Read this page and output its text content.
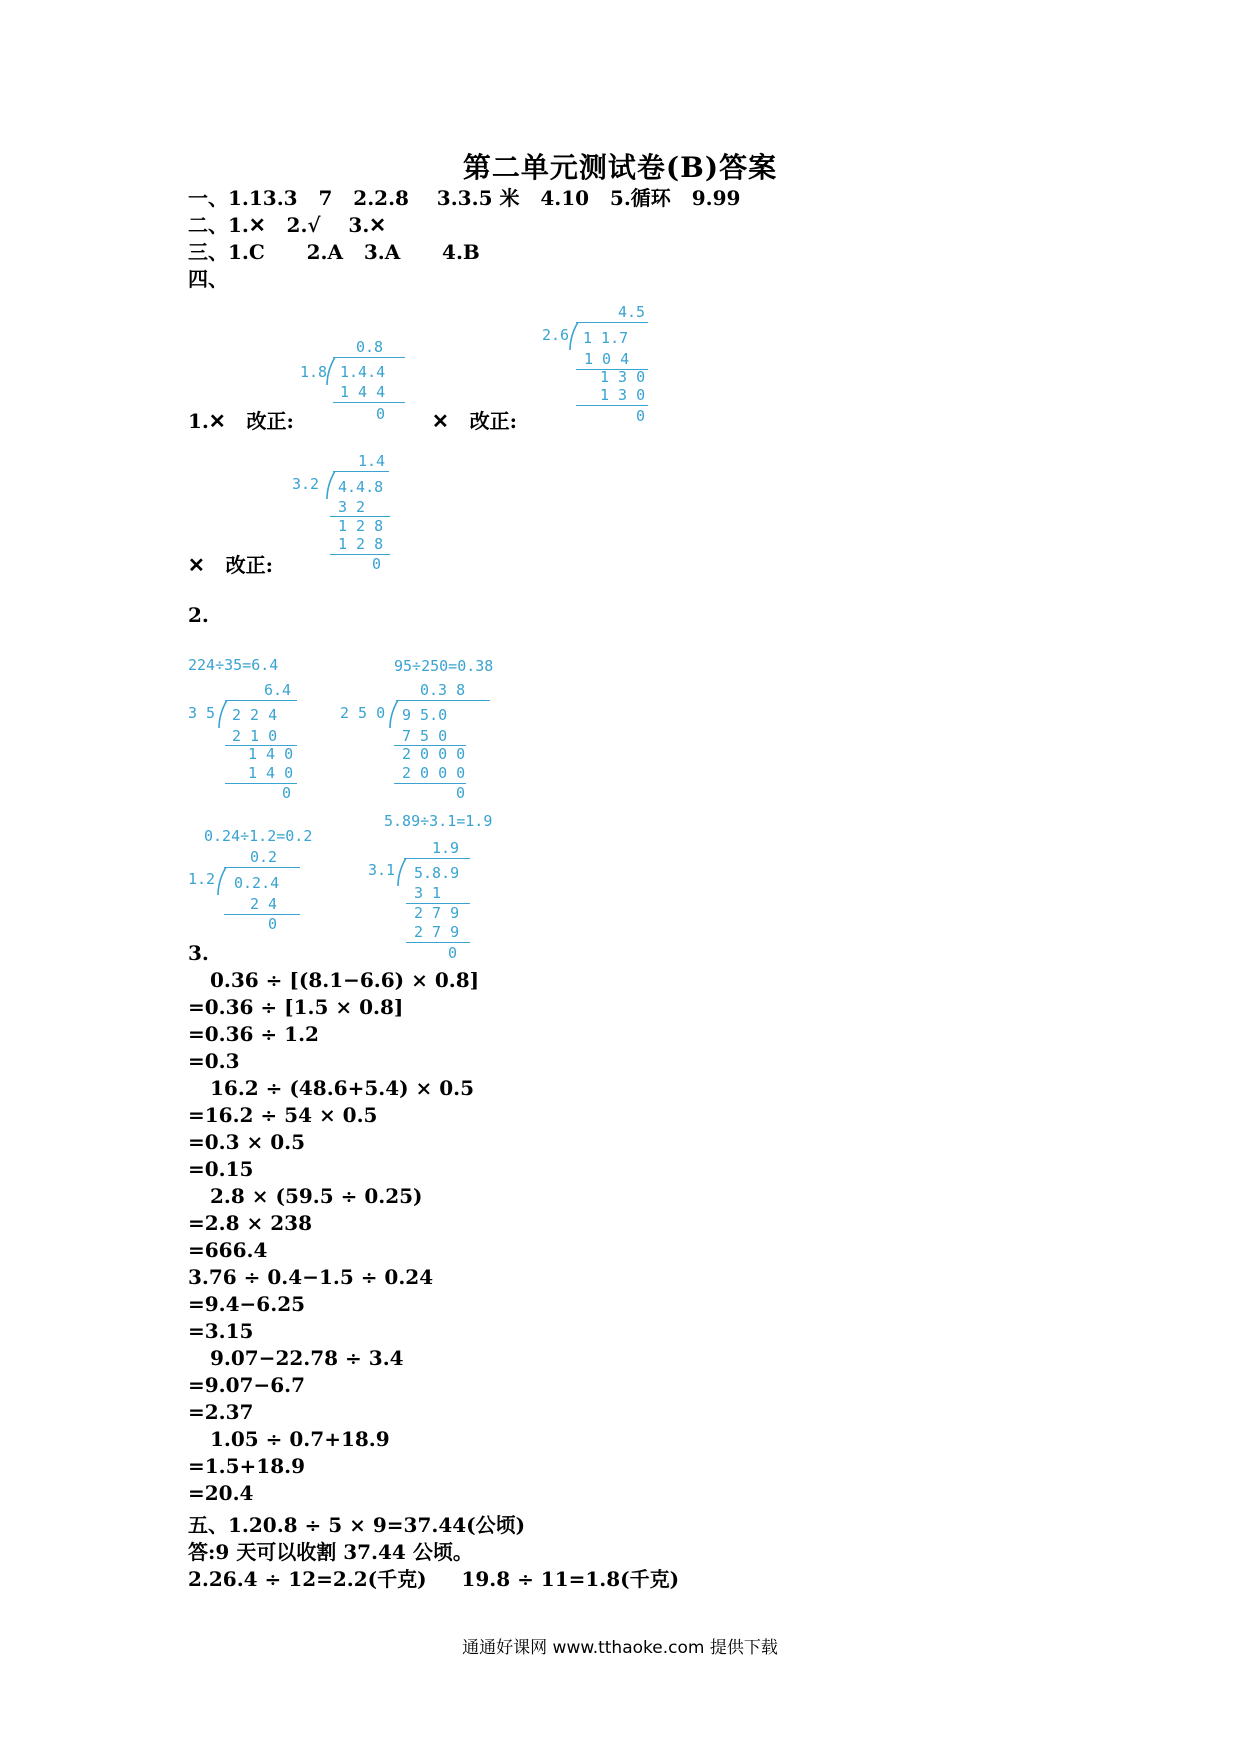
第二单元测试卷(B)答案
一、1.13.3   7   2.2.8    3.3.5 米   4.10   5.循环   9.99
二、1.✕   2.√    3.✕
三、1.C      2.A   3.A      4.B
四、
0.8
1.8 1.4.4
1 4 4
0
1.✕   改正:
4.5
2.6 1 1.7
1 0 4
1 3 0
1 3 0
0
✕   改正:
1.4
3.2 4.4.8
3 2
1 2 8
1 2 8
0
✕   改正:
2.
224÷35=6.4
6.4
3 5 2 2 4
2 1 0
1 4 0
1 4 0
0
95÷250=0.38
0.3 8
2 5 0 9 5.0
7 5 0
2 0 0 0
2 0 0 0
0
0.24÷1.2=0.2
0.2
1.2 0.2.4
2 4
0
5.89÷3.1=1.9
1.9
3.1 5.8.9
3 1
2 7 9
2 7 9
0
3.
0.36 ÷ [(8.1−6.6) × 0.8]
=0.36 ÷ [1.5 × 0.8]
=0.36 ÷ 1.2
=0.3
16.2 ÷ (48.6+5.4) × 0.5
=16.2 ÷ 54 × 0.5
=0.3 × 0.5
=0.15
2.8 × (59.5 ÷ 0.25)
=2.8 × 238
=666.4
3.76 ÷ 0.4−1.5 ÷ 0.24
=9.4−6.25
=3.15
9.07−22.78 ÷ 3.4
=9.07−6.7
=2.37
1.05 ÷ 0.7+18.9
=1.5+18.9
=20.4
五、1.20.8 ÷ 5 × 9=37.44(公顷)
答:9 天可以收割 37.44 公顷。
2.26.4 ÷ 12=2.2(千克)     19.8 ÷ 11=1.8(千克)
通通好课网 www.tthaoke.com 提供下载
